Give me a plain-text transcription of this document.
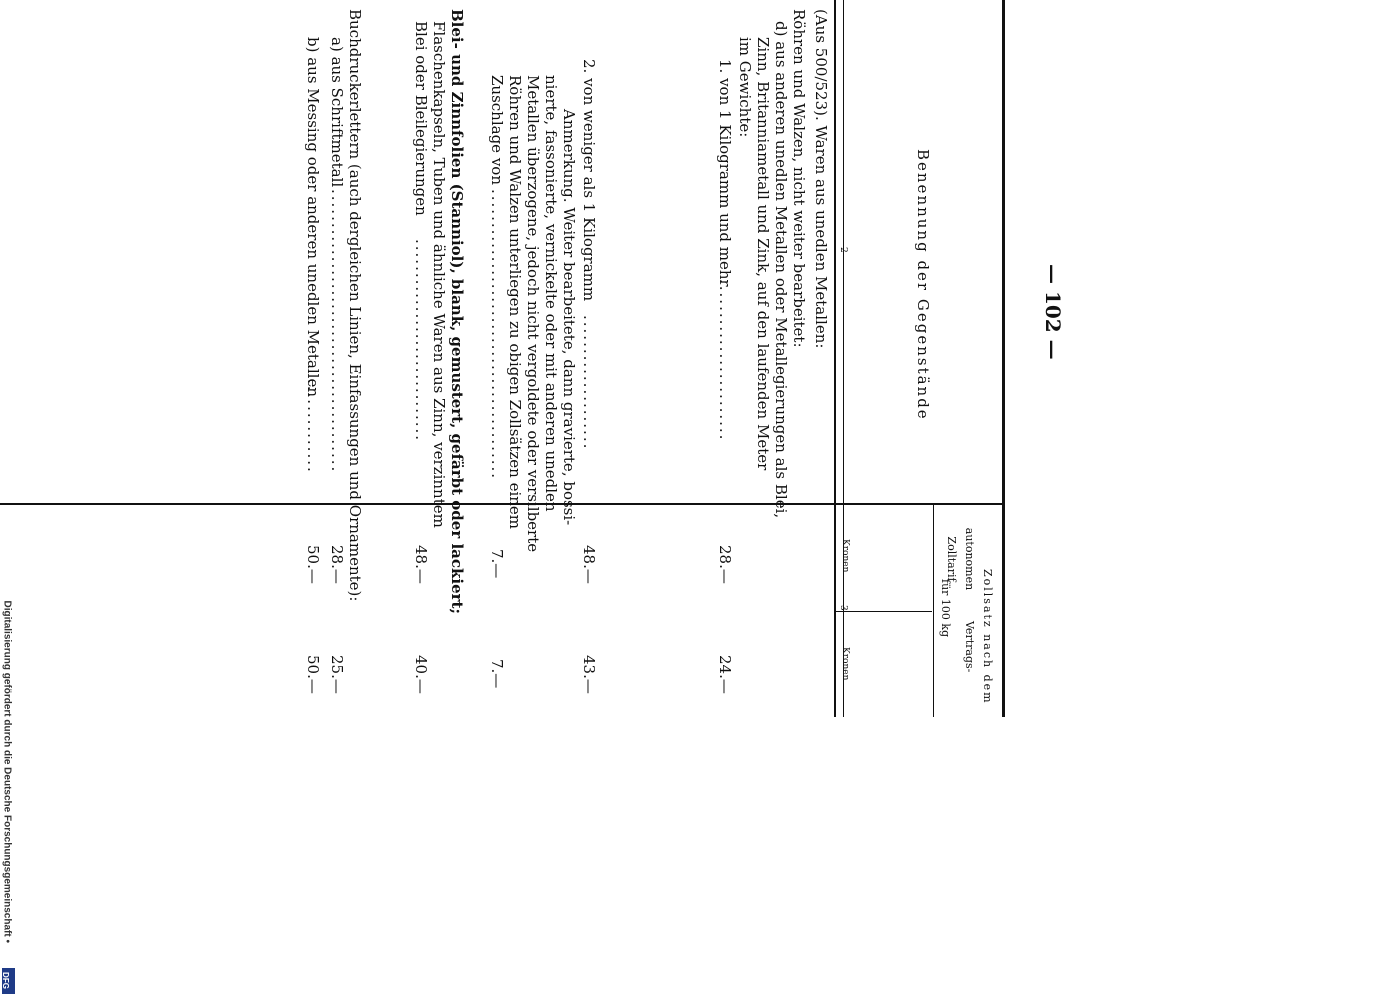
— 102 —
Benennung der Gegenstände
Zollsatz nach dem
autonomen Zolltarif
Vertrags-
für 100 kg
Kronen
Kronen
2
3
(Aus 500/523). Waren aus unedlen Metallen:
Röhren und Walzen, nicht weiter bearbeitet:
d) aus anderen unedlen Metallen oder Metallegierungen als Blei,
Zinn, Britanniametall und Zink, auf den laufenden Meter
im Gewichte:
1. von 1 Kilogramm und mehr
........................
28.—
24.—
2. von weniger als 1 Kilogramm
....................
48.—
43.—
Anmerkung. Weiter bearbeitete, dann gravierte, bossi-
nierte, fassonierte, vernickelte oder mit anderen unedlen
Metallen überzogene, jedoch nicht vergoldete oder versilberte
Röhren und Walzen unterliegen zu obigen Zollsätzen einem
Zuschlage von
...........................................
7.—
7.—
Blei- und Zinnfolien (Stanniol), blank, gemustert, gefärbt oder lackiert;
Flaschenkapseln, Tuben und ähnliche Waren aus Zinn, verzinntem
Blei oder Bleilegierungen
..............................
48.—
40.—
Buchdruckerlettern (auch dergleichen Linien, Einfassungen und Ornamente):
a) aus Schriftmetall
..........................................
28.—
25.—
b) aus Messing oder anderen unedlen Metallen
..............
50.—
50.—
Digitalisierung gefördert durch die Deutsche Forschungsgemeinschaft •
DFG
